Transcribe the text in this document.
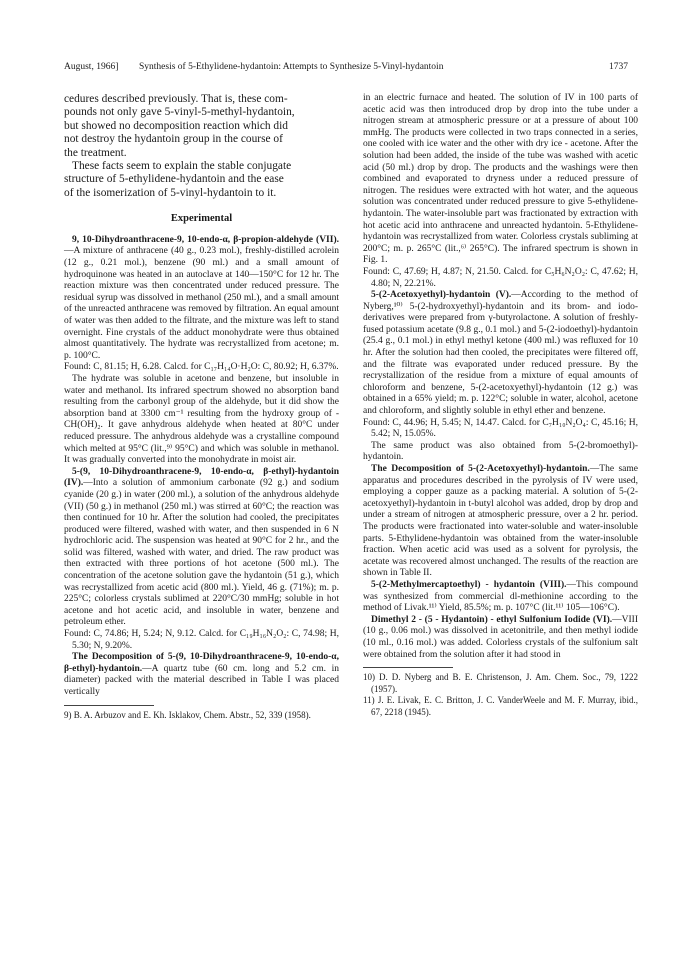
August, 1966] Synthesis of 5-Ethylidene-hydantoin: Attempts to Synthesize 5-Vinyl-hydantoin	1737

cedures described previously. That is, these com-

pounds not only gave 5-vinyl-5-methyl-hydantoin,

but showed no decomposition reaction which did

not destroy the hydantoin group in the course of

the treatment.

These facts seem to explain the stable conjugate

structure of 5-ethylidene-hydantoin and the ease

of the isomerization of 5-vinyl-hydantoin to it.

Experimental

9, 10-Dihydroanthracene-9, 10-endo-α, β-propion-aldehyde (VII).—A mixture of anthracene (40 g., 0.23 mol.), freshly-distilled acrolein (12 g., 0.21 mol.), benzene (90 ml.) and a small amount of hydroquinone was heated in an autoclave at 140—150°C for 12 hr. The reaction mixture was then concentrated under reduced pressure. The residual syrup was dissolved in methanol (250 ml.), and a small amount of the unreacted anthracene was removed by filtration. An equal amount of water was then added to the filtrate, and the mixture was left to stand overnight. Fine crystals of the adduct monohydrate were thus obtained almost quantitatively. The hydrate was recrystallized from acetone; m. p. 100°C.

Found: C, 81.15; H, 6.28. Calcd. for C₁₇H₁₄O·H₂O: C, 80.92; H, 6.37%.

The hydrate was soluble in acetone and benzene, but insoluble in water and methanol. Its infrared spectrum showed no absorption band resulting from the carbonyl group of the aldehyde, but it did show the absorption band at 3300 cm⁻¹ resulting from the hydroxy group of -CH(OH)₂. It gave anhydrous aldehyde when heated at 80°C under reduced pressure. The anhydrous aldehyde was a crystalline compound which melted at 95°C (lit.,⁹⁾ 95°C) and which was soluble in methanol. It was gradually converted into the monohydrate in moist air.

5-(9, 10-Dihydroanthracene-9, 10-endo-α, β-ethyl)-hydantoin (IV).—Into a solution of ammonium carbonate (92 g.) and sodium cyanide (20 g.) in water (200 ml.), a solution of the anhydrous aldehyde (VII) (50 g.) in methanol (250 ml.) was stirred at 60°C; the reaction was then continued for 10 hr. After the solution had cooled, the precipitates produced were filtered, washed with water, and then suspended in 6 N hydrochloric acid. The suspension was heated at 90°C for 2 hr., and the solid was filtered, washed with water, and dried. The raw product was then extracted with three portions of hot acetone (500 ml.). The concentration of the acetone solution gave the hydantoin (51 g.), which was recrystallized from acetic acid (800 ml.). Yield, 46 g. (71%); m. p. 225°C; colorless crystals sublimed at 220°C/30 mmHg; soluble in hot acetone and hot acetic acid, and insoluble in water, benzene and petroleum ether.

Found: C, 74.86; H, 5.24; N, 9.12. Calcd. for C₁₉H₁₆N₂O₂: C, 74.98; H, 5.30; N, 9.20%.

The Decomposition of 5-(9, 10-Dihydroanthracene-9, 10-endo-α, β-ethyl)-hydantoin.—A quartz tube (60 cm. long and 5.2 cm. in diameter) packed with the material described in Table I was placed vertically

9) B. A. Arbuzov and E. Kh. Isklakov, Chem. Abstr., 52, 339 (1958).

in an electric furnace and heated. The solution of IV in 100 parts of acetic acid was then introduced drop by drop into the tube under a nitrogen stream at atmospheric pressure or at a pressure of about 100 mmHg. The products were collected in two traps connected in a series, one cooled with ice water and the other with dry ice - acetone. After the solution had been added, the inside of the tube was washed with acetic acid (50 ml.) drop by drop. The products and the washings were then combined and evaporated to dryness under a reduced pressure of nitrogen. The residues were extracted with hot water, and the aqueous solution was concentrated under reduced pressure to give 5-ethylidene-hydantoin. The water-insoluble part was fractionated by extraction with hot acetic acid into anthracene and unreacted hydantoin. 5-Ethylidene-hydantoin was recrystallized from water. Colorless crystals subliming at 200°C; m. p. 265°C (lit.,⁶⁾ 265°C). The infrared spectrum is shown in Fig. 1.

Found: C, 47.69; H, 4.87; N, 21.50. Calcd. for C₅H₆N₂O₂: C, 47.62; H, 4.80; N, 22.21%.

5-(2-Acetoxyethyl)-hydantoin (V).—According to the method of Nyberg,¹⁰⁾ 5-(2-hydroxyethyl)-hydantoin and its brom- and iodo-derivatives were prepared from γ-butyrolactone. A solution of freshly-fused potassium acetate (9.8 g., 0.1 mol.) and 5-(2-iodoethyl)-hydantoin (25.4 g., 0.1 mol.) in ethyl methyl ketone (400 ml.) was refluxed for 10 hr. After the solution had then cooled, the precipitates were filtered off, and the filtrate was evaporated under reduced pressure. By the recrystallization of the residue from a mixture of equal amounts of chloroform and benzene, 5-(2-acetoxyethyl)-hydantoin (12 g.) was obtained in a 65% yield; m. p. 122°C; soluble in water, alcohol, acetone and chloroform, and slightly soluble in ethyl ether and benzene.

Found: C, 44.96; H, 5.45; N, 14.47. Calcd. for C₇H₁₀N₂O₄: C, 45.16; H, 5.42; N, 15.05%.

The same product was also obtained from 5-(2-bromoethyl)-hydantoin.

The Decomposition of 5-(2-Acetoxyethyl)-hydantoin.—The same apparatus and procedures described in the pyrolysis of IV were used, employing a copper gauze as a packing material. A solution of 5-(2-acetoxyethyl)-hydantoin in t-butyl alcohol was added, drop by drop and under a stream of nitrogen at atmospheric pressure, over a 2 hr. period. The products were fractionated into water-soluble and water-insoluble parts. 5-Ethylidene-hydantoin was obtained from the water-insoluble fraction. When acetic acid was used as a solvent for pyrolysis, the acetate was recovered almost unchanged. The results of the reaction are shown in Table II.

5-(2-Methylmercaptoethyl) - hydantoin (VIII).—This compound was synthesized from commercial dl-methionine according to the method of Livak.¹¹⁾ Yield, 85.5%; m. p. 107°C (lit.¹¹⁾ 105—106°C).

Dimethyl 2 - (5 - Hydantoin) - ethyl Sulfonium Iodide (VI).—VIII (10 g., 0.06 mol.) was dissolved in acetonitrile, and then methyl iodide (10 ml., 0.16 mol.) was added. Colorless crystals of the sulfonium salt were obtained from the solution after it had stood in

10) D. D. Nyberg and B. E. Christenson, J. Am. Chem. Soc., 79, 1222 (1957).

11) J. E. Livak, E. C. Britton, J. C. VanderWeele and M. F. Murray, ibid., 67, 2218 (1945).
